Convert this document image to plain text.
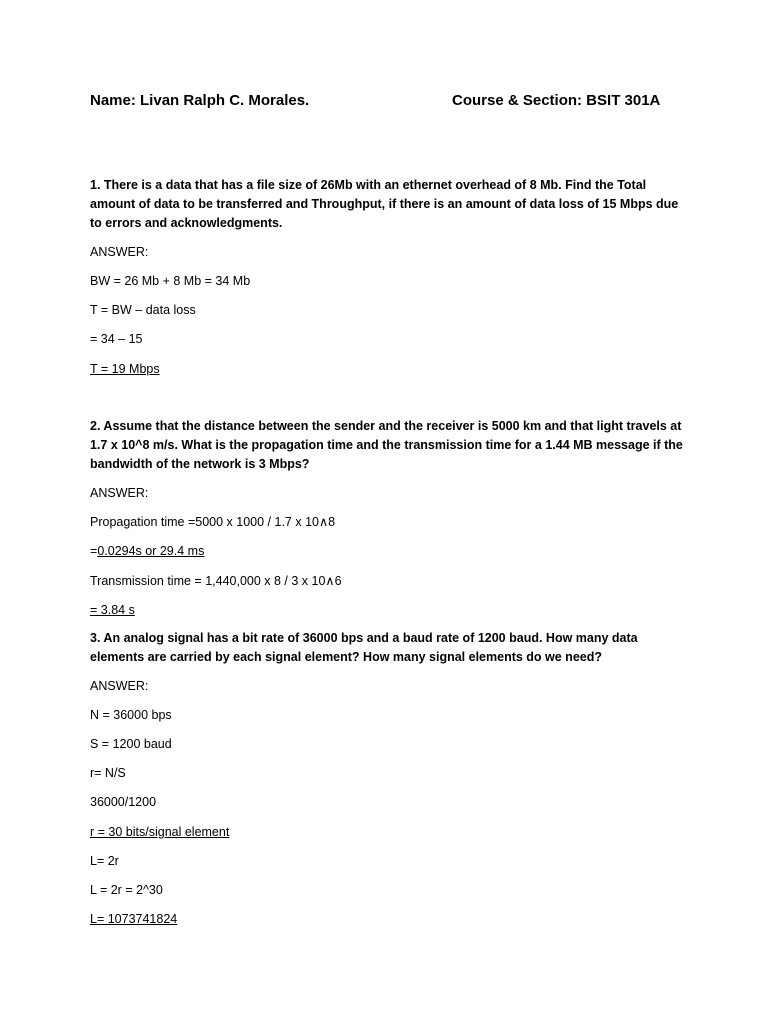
Name: Livan Ralph C. Morales.	Course & Section: BSIT 301A
1. There is a data that has a file size of 26Mb with an ethernet overhead of 8 Mb. Find the Total amount of data to be transferred and Throughput, if there is an amount of data loss of 15 Mbps due to errors and acknowledgments.
ANSWER:
BW = 26 Mb + 8 Mb = 34 Mb
T = BW – data loss
= 34 – 15
T = 19 Mbps
2. Assume that the distance between the sender and the receiver is 5000 km and that light travels at 1.7 x 10^8 m/s. What is the propagation time and the transmission time for a 1.44 MB message if the bandwidth of the network is 3 Mbps?
ANSWER:
Propagation time =5000 x 1000 / 1.7 x 10∧8
=0.0294s or 29.4 ms
Transmission time = 1,440,000 x 8 / 3 x 10∧6
= 3.84 s
3. An analog signal has a bit rate of 36000 bps and a baud rate of 1200 baud. How many data elements are carried by each signal element? How many signal elements do we need?
ANSWER:
N = 36000 bps
S = 1200 baud
r= N/S
36000/1200
r = 30 bits/signal element
L= 2r
L = 2r = 2^30
L= 1073741824
